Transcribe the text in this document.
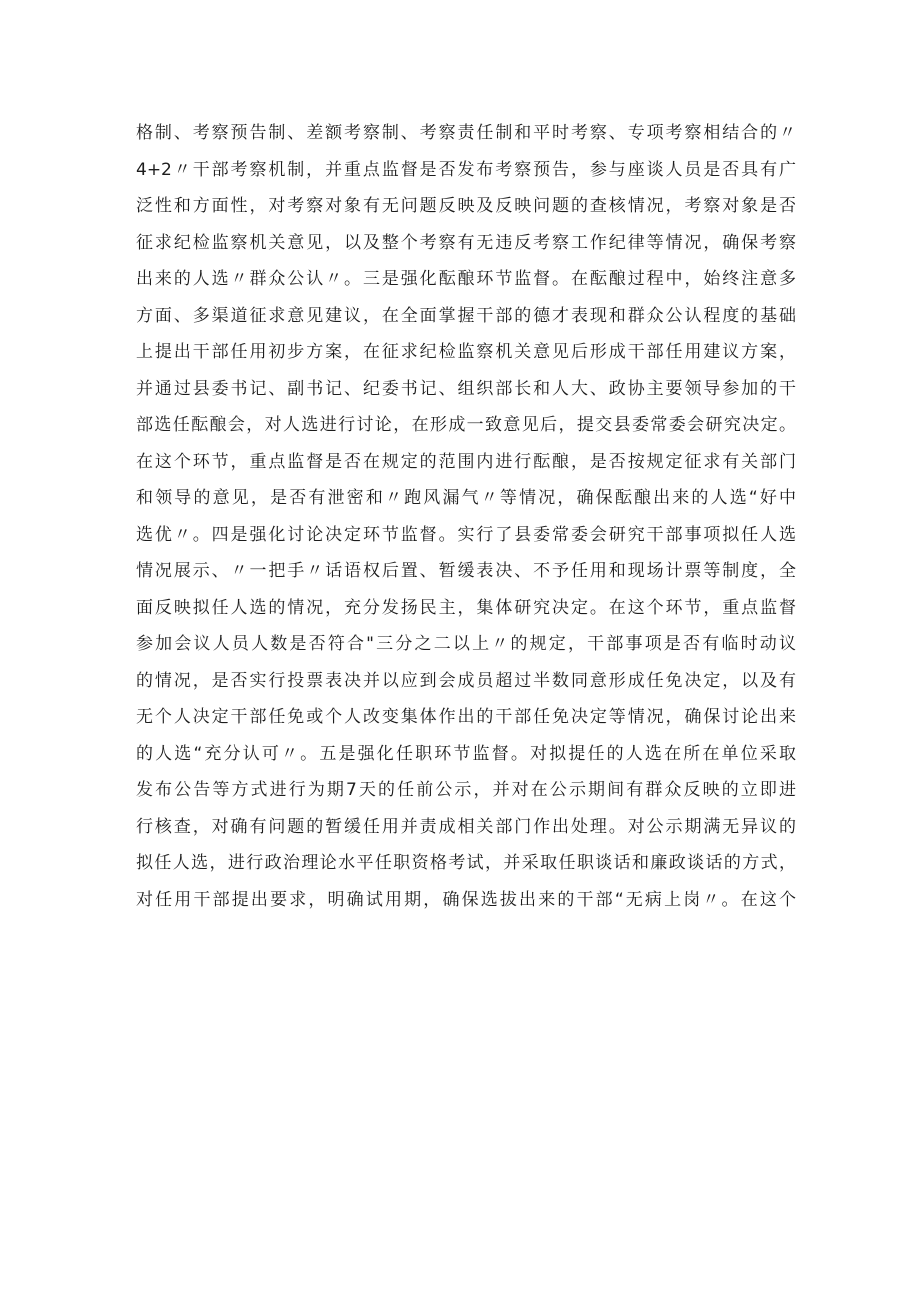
格制、考察预告制、差额考察制、考察责任制和平时考察、专项考察相结合的〃
4+2〃干部考察机制，并重点监督是否发布考察预告，参与座谈人员是否具有广
泛性和方面性，对考察对象有无问题反映及反映问题的查核情况，考察对象是否
征求纪检监察机关意见，以及整个考察有无违反考察工作纪律等情况，确保考察
出来的人选〃群众公认〃。三是强化酝酿环节监督。在酝酿过程中，始终注意多
方面、多渠道征求意见建议，在全面掌握干部的德才表现和群众公认程度的基础
上提出干部任用初步方案，在征求纪检监察机关意见后形成干部任用建议方案，
并通过县委书记、副书记、纪委书记、组织部长和人大、政协主要领导参加的干
部选任酝酿会，对人选进行讨论，在形成一致意见后，提交县委常委会研究决定。
在这个环节，重点监督是否在规定的范围内进行酝酿，是否按规定征求有关部门
和领导的意见，是否有泄密和〃跑风漏气〃等情况，确保酝酿出来的人选“好中
选优〃。四是强化讨论决定环节监督。实行了县委常委会研究干部事项拟任人选
情况展示、〃一把手〃话语权后置、暂缓表决、不予任用和现场计票等制度，全
面反映拟任人选的情况，充分发扬民主，集体研究决定。在这个环节，重点监督
参加会议人员人数是否符合"三分之二以上〃的规定，干部事项是否有临时动议
的情况，是否实行投票表决并以应到会成员超过半数同意形成任免决定，以及有
无个人决定干部任免或个人改变集体作出的干部任免决定等情况，确保讨论出来
的人选“充分认可〃。五是强化任职环节监督。对拟提任的人选在所在单位采取
发布公告等方式进行为期7天的任前公示，并对在公示期间有群众反映的立即进
行核查，对确有问题的暂缓任用并责成相关部门作出处理。对公示期满无异议的
拟任人选，进行政治理论水平任职资格考试，并采取任职谈话和廉政谈话的方式，
对任用干部提出要求，明确试用期，确保选拔出来的干部“无病上岗〃。在这个
